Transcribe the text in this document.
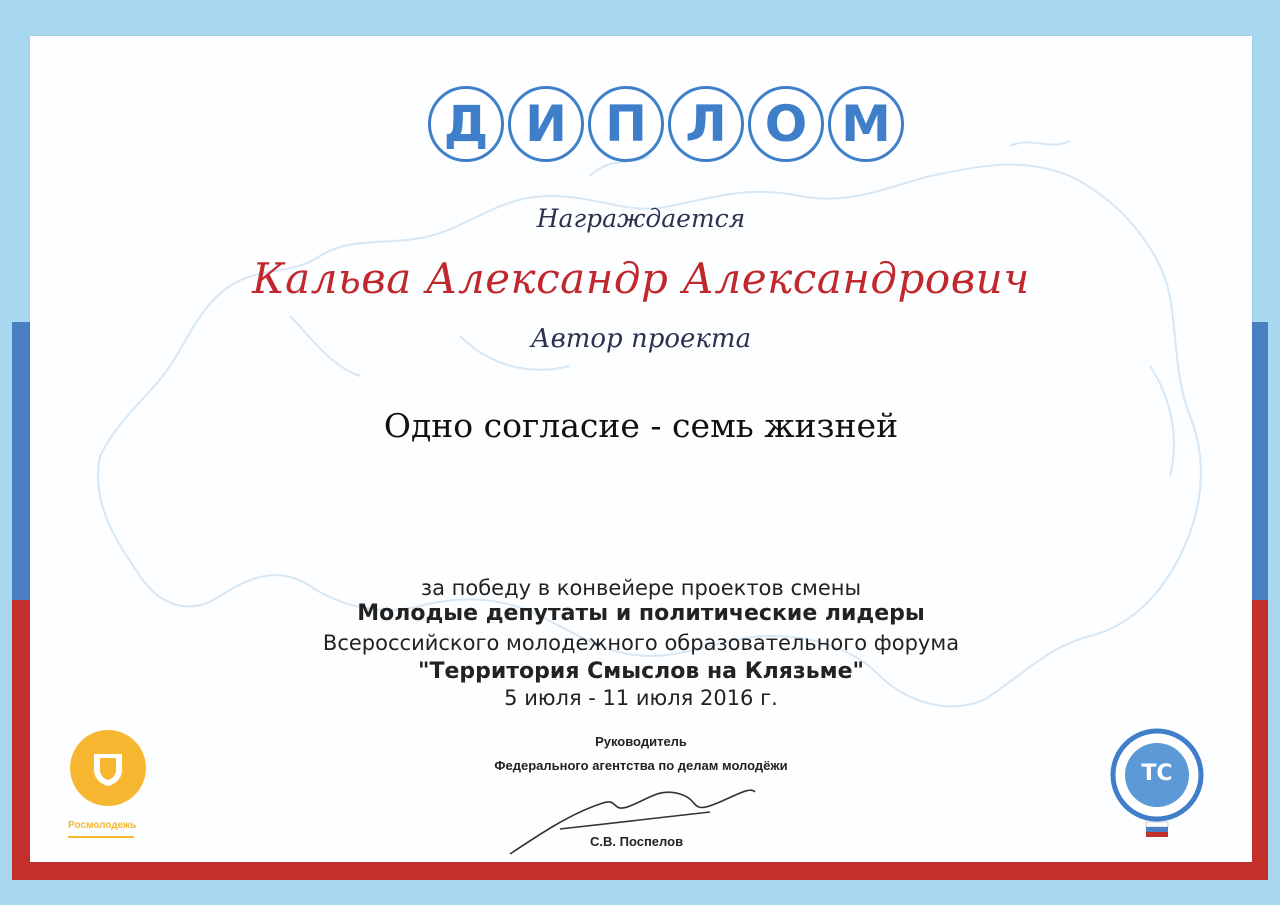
Д И П Л О М
Награждается
Кальва Александр Александрович
Автор проекта
Одно согласие - семь жизней
за победу в конвейере проектов смены
Молодые депутаты и политические лидеры
Всероссийского молодежного образовательного форума
"Территория Смыслов на Клязьме"
5 июля - 11 июля 2016 г.
Руководитель
Федерального агентства по делам молодёжи
С.В. Поспелов
Росмолодежь
ТС
